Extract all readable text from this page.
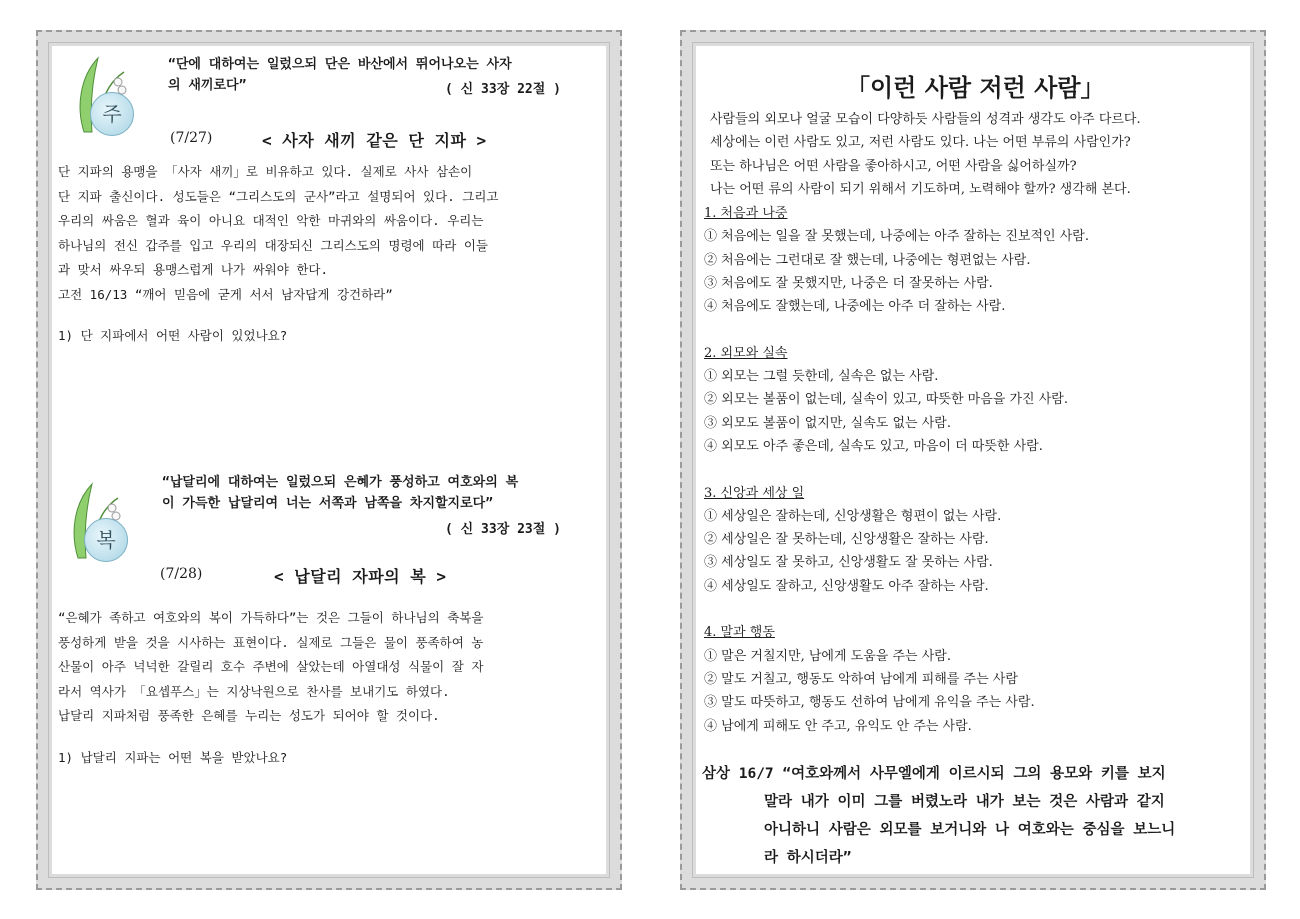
주
“단에 대하여는 일렀으되 단은 바산에서 뛰어나오는 사자
의 새끼로다”	( 신 33장 22절 )
(7/27)	< 사자 새끼 같은 단 지파 >
단 지파의 용맹을 「사자 새끼」로 비유하고 있다. 실제로 사사 삼손이
단 지파 출신이다. 성도들은 “그리스도의 군사”라고 설명되어 있다. 그리고
우리의 싸움은 혈과 육이 아니요 대적인 악한 마귀와의 싸움이다. 우리는
하나님의 전신 갑주를 입고 우리의 대장되신 그리스도의 명령에 따라 이들
과 맞서 싸우되 용맹스럽게 나가 싸워야 한다.
고전 16/13 “깨어 믿음에 굳게 서서 남자답게 강건하라”
1) 단 지파에서 어떤 사람이 있었나요?
복
“납달리에 대하여는 일렀으되 은혜가 풍성하고 여호와의 복
이 가득한 납달리여 너는 서쪽과 남쪽을 차지할지로다”
( 신 33장 23절 )
(7/28)	< 납달리 자파의 복 >
“은혜가 족하고 여호와의 복이 가득하다”는 것은 그들이 하나님의 축복을
풍성하게 받을 것을 시사하는 표현이다. 실제로 그들은 물이 풍족하여 농
산물이 아주 넉넉한 갈릴리 호수 주변에 살았는데 아열대성 식물이 잘 자
라서 역사가 「요셉푸스」는 지상낙원으로 찬사를 보내기도 하였다.
납달리 지파처럼 풍족한 은혜를 누리는 성도가 되어야 할 것이다.
1) 납달리 지파는 어떤 복을 받았나요?
「이런 사람 저런 사람」
사람들의 외모나 얼굴 모습이 다양하듯 사람들의 성격과 생각도 아주 다르다.
세상에는 이런 사람도 있고, 저런 사람도 있다. 나는 어떤 부류의 사람인가?
또는 하나님은 어떤 사람을 좋아하시고, 어떤 사람을 싫어하실까?
나는 어떤 류의 사람이 되기 위해서 기도하며, 노력해야 할까? 생각해 본다.
1. 처음과 나중
① 처음에는 일을 잘 못했는데, 나중에는 아주 잘하는 진보적인 사람.
② 처음에는 그런대로 잘 했는데, 나중에는 형편없는 사람.
③ 처음에도 잘 못했지만, 나중은 더 잘못하는 사람.
④ 처음에도 잘했는데, 나중에는 아주 더 잘하는 사람.

2. 외모와 실속
① 외모는 그럴 듯한데, 실속은 없는 사람.
② 외모는 볼품이 없는데, 실속이 있고, 따뜻한 마음을 가진 사람.
③ 외모도 볼품이 없지만, 실속도 없는 사람.
④ 외모도 아주 좋은데, 실속도 있고, 마음이 더 따뜻한 사람.

3. 신앙과 세상 일
① 세상일은 잘하는데, 신앙생활은 형편이 없는 사람.
② 세상일은 잘 못하는데, 신앙생활은 잘하는 사람.
③ 세상일도 잘 못하고, 신앙생활도 잘 못하는 사람.
④ 세상일도 잘하고, 신앙생활도 아주 잘하는 사람.

4. 말과 행동
① 말은 거칠지만, 남에게 도움을 주는 사람.
② 말도 거칠고, 행동도 악하여 남에게 피해를 주는 사람
③ 말도 따뜻하고, 행동도 선하여 남에게 유익을 주는 사람.
④ 남에게 피해도 안 주고, 유익도 안 주는 사람.
삼상 16/7 “여호와께서 사무엘에게 이르시되 그의 용모와 키를 보지
말라 내가 이미 그를 버렸노라 내가 보는 것은 사람과 같지
아니하니 사람은 외모를 보거니와 나 여호와는 중심을 보느니
라 하시더라”
